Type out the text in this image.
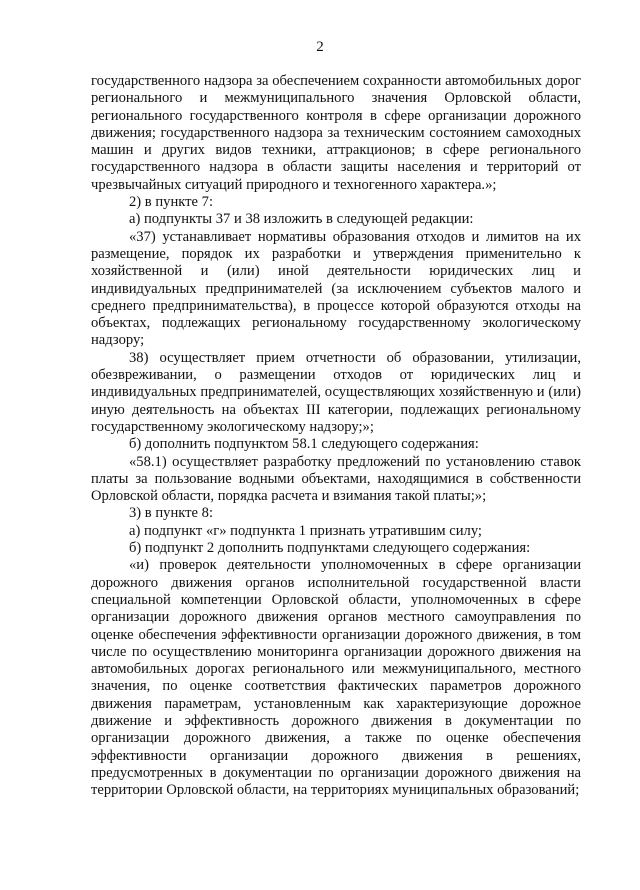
2

государственного надзора за обеспечением сохранности автомобильных дорог регионального и межмуниципального значения Орловской области, регионального государственного контроля в сфере организации дорожного движения; государственного надзора за техническим состоянием самоходных машин и других видов техники, аттракционов; в сфере регионального государственного надзора в области защиты населения и территорий от чрезвычайных ситуаций природного и техногенного характера.»;

2) в пункте 7:

а) подпункты 37 и 38 изложить в следующей редакции:

«37) устанавливает нормативы образования отходов и лимитов на их размещение, порядок их разработки и утверждения применительно к хозяйственной и (или) иной деятельности юридических лиц и индивидуальных предпринимателей (за исключением субъектов малого и среднего предпринимательства), в процессе которой образуются отходы на объектах, подлежащих региональному государственному экологическому надзору;

38) осуществляет прием отчетности об образовании, утилизации, обезвреживании, о размещении отходов от юридических лиц и индивидуальных предпринимателей, осуществляющих хозяйственную и (или) иную деятельность на объектах III категории, подлежащих региональному государственному экологическому надзору;»;

б) дополнить подпунктом 58.1 следующего содержания:

«58.1) осуществляет разработку предложений по установлению ставок платы за пользование водными объектами, находящимися в собственности Орловской области, порядка расчета и взимания такой платы;»;

3) в пункте 8:

а) подпункт «г» подпункта 1 признать утратившим силу;

б) подпункт 2 дополнить подпунктами следующего содержания:

«и) проверок деятельности уполномоченных в сфере организации дорожного движения органов исполнительной государственной власти специальной компетенции Орловской области, уполномоченных в сфере организации дорожного движения органов местного самоуправления по оценке обеспечения эффективности организации дорожного движения, в том числе по осуществлению мониторинга организации дорожного движения на автомобильных дорогах регионального или межмуниципального, местного значения, по оценке соответствия фактических параметров дорожного движения параметрам, установленным как характеризующие дорожное движение и эффективность дорожного движения в документации по организации дорожного движения, а также по оценке обеспечения эффективности организации дорожного движения в решениях, предусмотренных в документации по организации дорожного движения на территории Орловской области, на территориях муниципальных образований;
